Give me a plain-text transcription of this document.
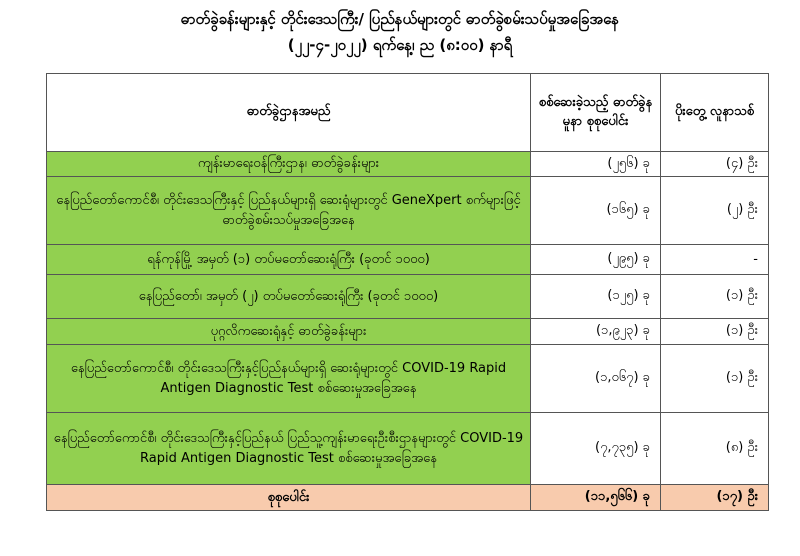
ဓာတ်ခွဲခန်းများနှင့် တိုင်းဒေသကြီး/ ပြည်နယ်များတွင် ဓာတ်ခွဲစမ်းသပ်မှုအခြေအနေ
(၂၂-၄-၂၀၂၂) ရက်နေ့၊ ည (၈:၀၀) နာရီ
ဓာတ်ခွဲဌာနအမည်	စစ်ဆေးခဲ့သည့် ဓာတ်ခွဲနမူနာ စုစုပေါင်း	ပိုးတွေ့ လူနာသစ်
ကျန်းမာရေးဝန်ကြီးဌာန၊ ဓာတ်ခွဲခန်းများ	(၂၅၆) ခု	(၄) ဦး
နေပြည်တော်ကောင်စီ၊ တိုင်းဒေသကြီးနှင့် ပြည်နယ်များရှိ ဆေးရုံများတွင် GeneXpert စက်များဖြင့် ဓာတ်ခွဲစမ်းသပ်မှုအခြေအနေ	(၁၆၅) ခု	(၂) ဦး
ရန်ကုန်မြို့ အမှတ် (၁) တပ်မတော်ဆေးရုံကြီး (ခုတင် ၁၀၀၀)	(၂၉၅) ခု	-
နေပြည်တော်၊ အမှတ် (၂) တပ်မတော်ဆေးရုံကြီး (ခုတင် ၁၀၀၀)	(၁၂၅) ခု	(၁) ဦး
ပုဂ္ဂလိကဆေးရုံနှင့် ဓာတ်ခွဲခန်းများ	(၁,၉၂၃) ခု	(၁) ဦး
နေပြည်တော်ကောင်စီ၊ တိုင်းဒေသကြီးနှင့်ပြည်နယ်များရှိ ဆေးရုံများတွင် COVID-19 Rapid Antigen Diagnostic Test စစ်ဆေးမှုအခြေအနေ	(၁,၀၆၇) ခု	(၁) ဦး
နေပြည်တော်ကောင်စီ၊ တိုင်းဒေသကြီးနှင့်ပြည်နယ် ပြည်သူ့ကျန်းမာရေးဦးစီးဌာနများတွင် COVID-19 Rapid Antigen Diagnostic Test စစ်ဆေးမှုအခြေအနေ	(၇,၇၃၅) ခု	(၈) ဦး
စုစုပေါင်း	(၁၁,၅၆၆) ခု	(၁၇) ဦး
